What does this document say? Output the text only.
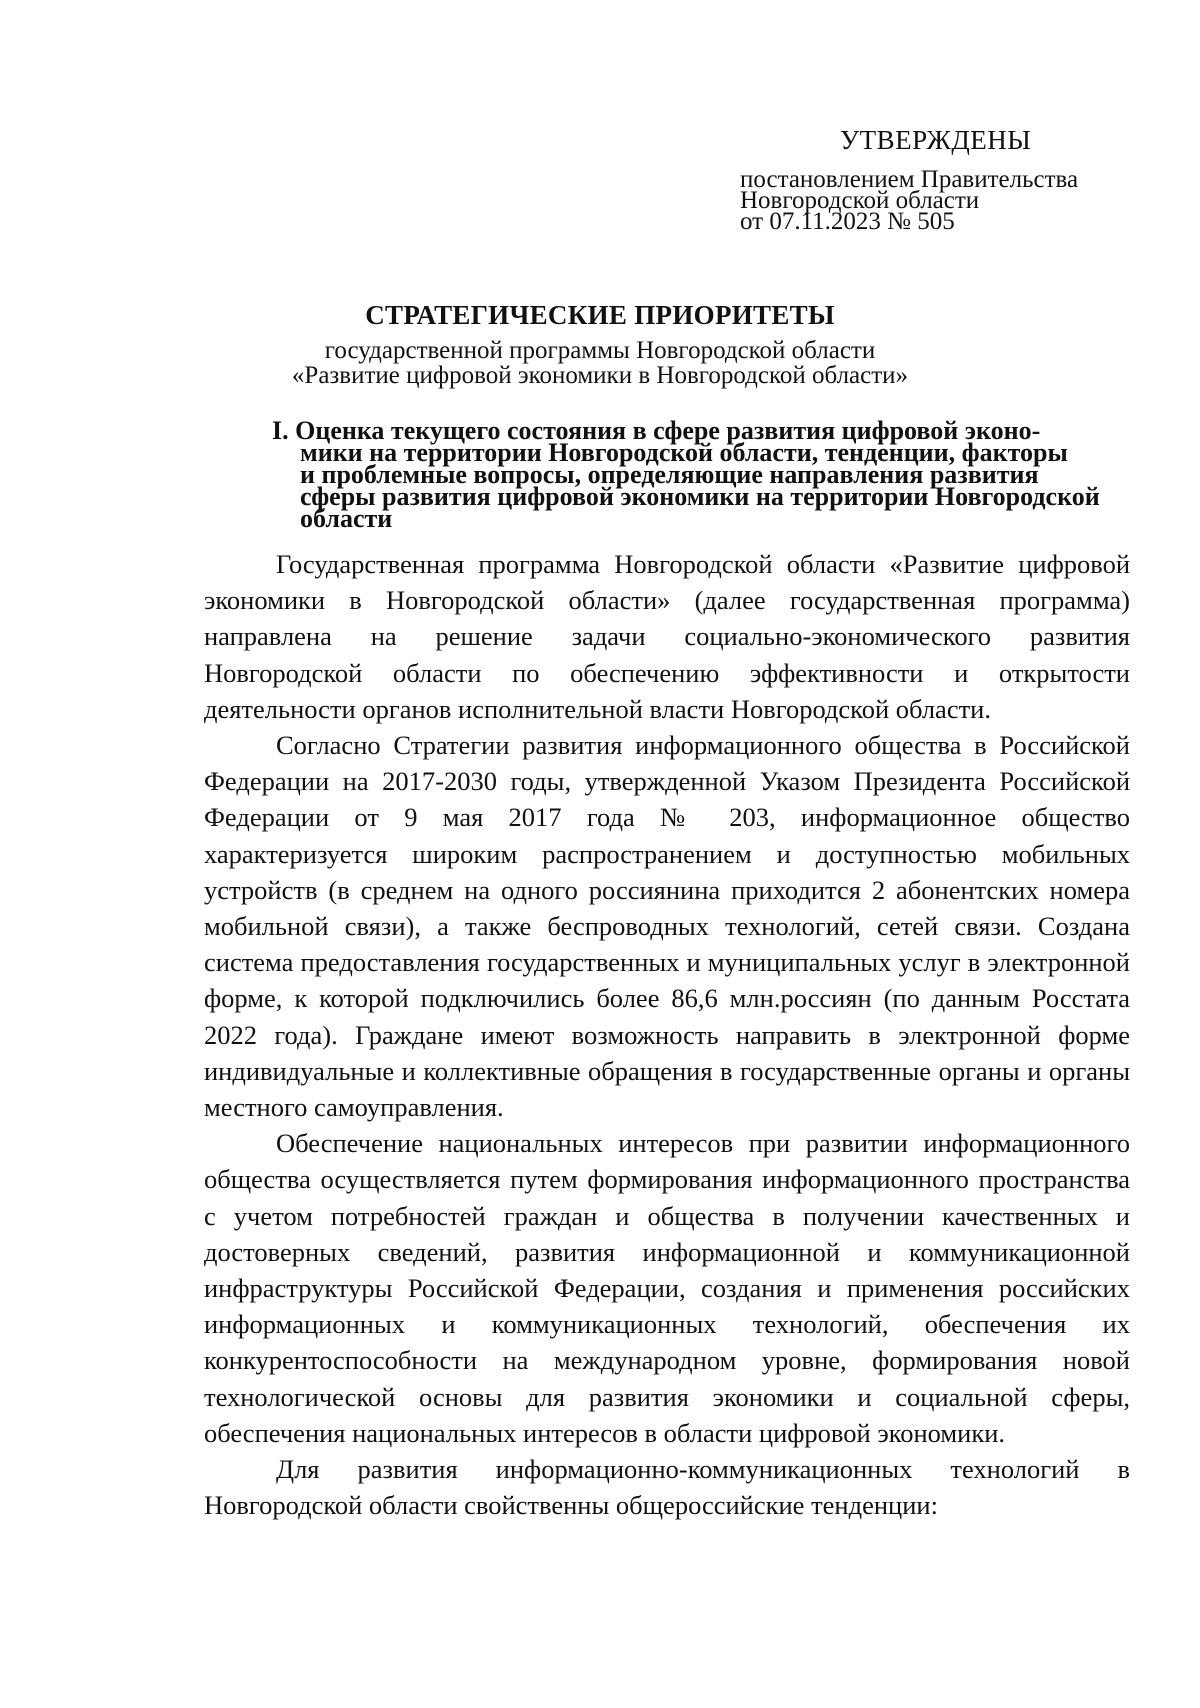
УТВЕРЖДЕНЫ
постановлением Правительства
Новгородской области
от 07.11.2023 № 505
СТРАТЕГИЧЕСКИЕ ПРИОРИТЕТЫ
государственной программы Новгородской области
«Развитие цифровой экономики в Новгородской области»
I. Оценка текущего состояния в сфере развития цифровой эконо-
мики на территории Новгородской области, тенденции, факторы
и проблемные вопросы, определяющие направления развития
сферы развития цифровой экономики на территории Новгородской
области

Государственная программа Новгородской области «Развитие цифровой экономики в Новгородской области» (далее государственная программа) направлена на решение задачи социально-экономического развития Новгородской области по обеспечению эффективности и открытости деятельности органов исполнительной власти Новгородской области.

Согласно Стратегии развития информационного общества в Российской Федерации на 2017-2030 годы, утвержденной Указом Президента Российской Федерации от 9 мая 2017 года № 203, информационное общество характеризуется широким распространением и доступностью мобильных устройств (в среднем на одного россиянина приходится 2 абонентских номера мобильной связи), а также беспроводных технологий, сетей связи. Создана система предоставления государственных и муниципальных услуг в электронной форме, к которой подключились более 86,6 млн.россиян (по данным Росстата 2022 года). Граждане имеют возможность направить в электронной форме индивидуальные и коллективные обращения в государственные органы и органы местного самоуправления.

Обеспечение национальных интересов при развитии информационного общества осуществляется путем формирования информационного пространства с учетом потребностей граждан и общества в получении качественных и достоверных сведений, развития информационной и коммуникационной инфраструктуры Российской Федерации, создания и применения российских информационных и коммуникационных технологий, обеспечения их конкурентоспособности на международном уровне, формирования новой технологической основы для развития экономики и социальной сферы, обеспечения национальных интересов в области цифровой экономики.

Для развития информационно-коммуникационных технологий в Новгородской области свойственны общероссийские тенденции:
